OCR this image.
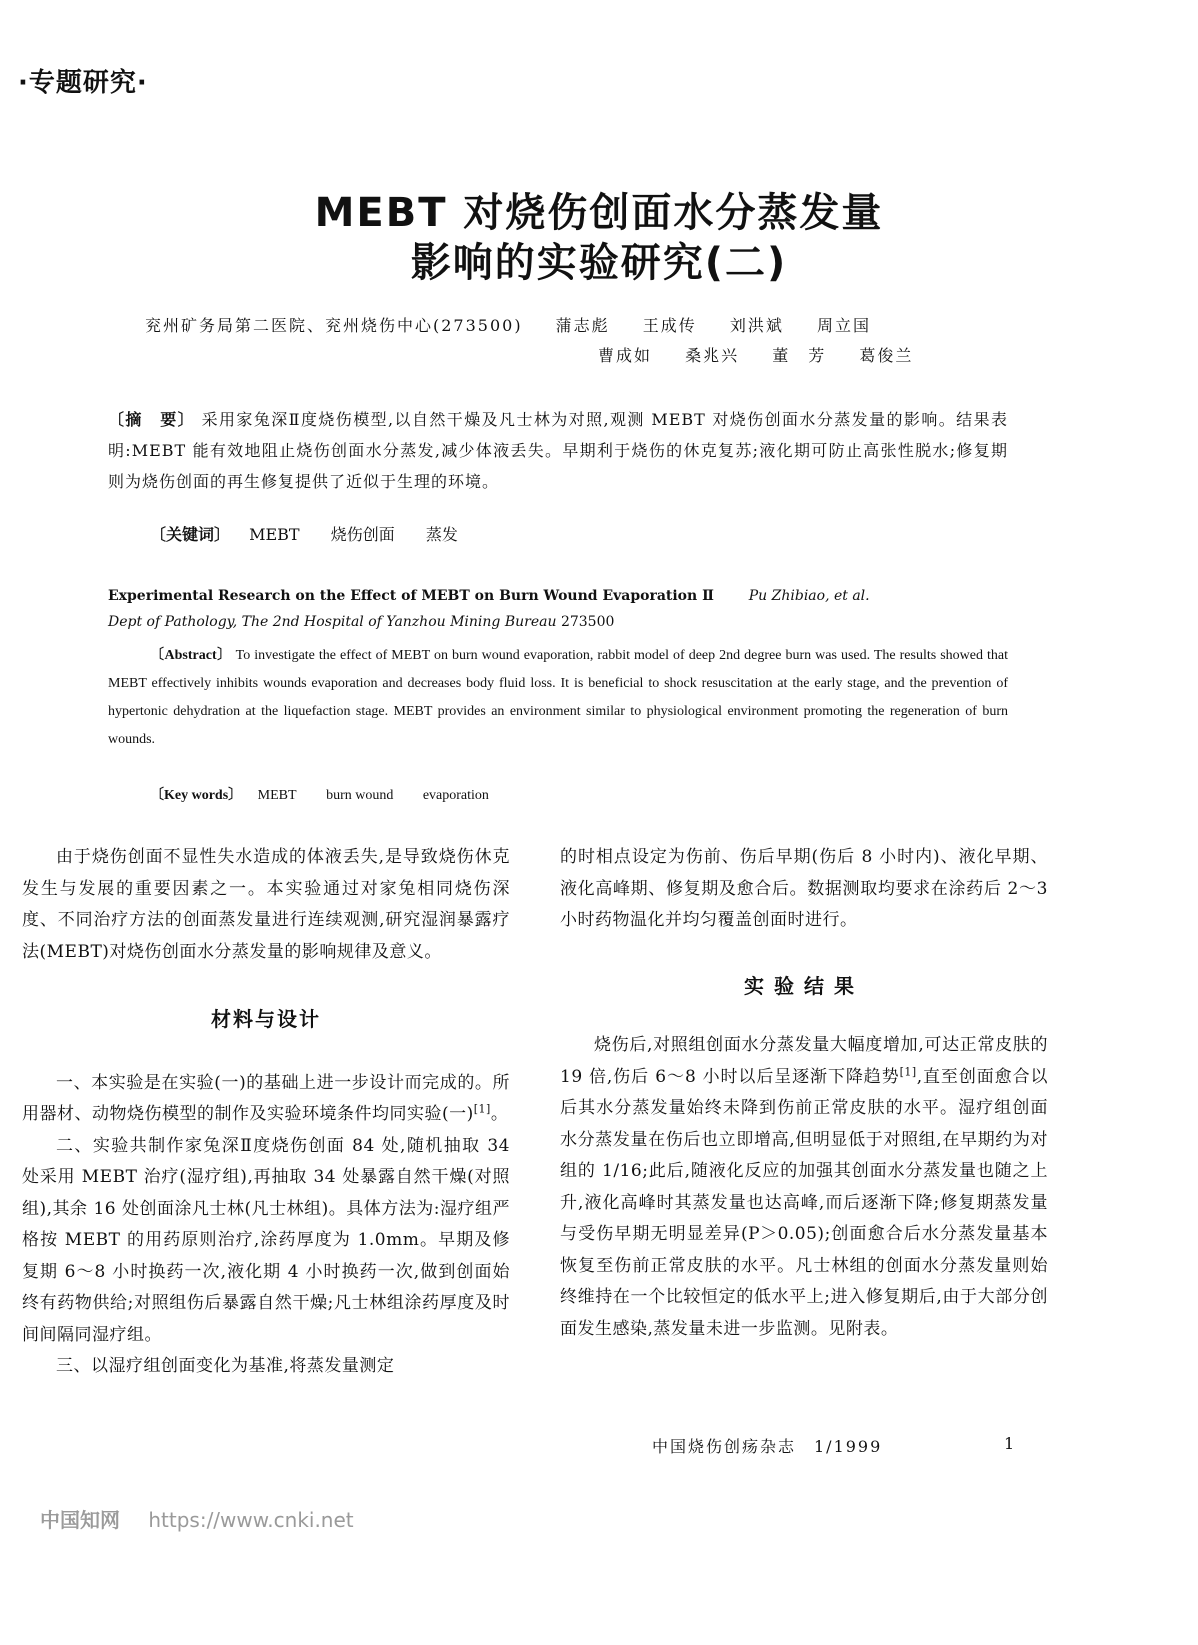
·专题研究·
MEBT 对烧伤创面水分蒸发量
影响的实验研究(二)
兖州矿务局第二医院、兖州烧伤中心(273500) 蒲志彪 王成传 刘洪斌 周立国
曹成如 桑兆兴 董　芳 葛俊兰
〔摘　要〕 采用家兔深Ⅱ度烧伤模型,以自然干燥及凡士林为对照,观测 MEBT 对烧伤创面水分蒸发量的影响。结果表明:MEBT 能有效地阻止烧伤创面水分蒸发,减少体液丢失。早期利于烧伤的休克复苏;液化期可防止高张性脱水;修复期则为烧伤创面的再生修复提供了近似于生理的环境。
〔关键词〕 MEBT 烧伤创面 蒸发
Experimental Research on the Effect of MEBT on Burn Wound Evaporation Ⅱ Pu Zhibiao, et al.
Dept of Pathology, The 2nd Hospital of Yanzhou Mining Bureau 273500
〔Abstract〕 To investigate the effect of MEBT on burn wound evaporation, rabbit model of deep 2nd degree burn was used. The results showed that MEBT effectively inhibits wounds evaporation and decreases body fluid loss. It is beneficial to shock resuscitation at the early stage, and the prevention of hypertonic dehydration at the liquefaction stage. MEBT provides an environment similar to physiological environment promoting the regeneration of burn wounds.
〔Key words〕 MEBT burn wound evaporation

由于烧伤创面不显性失水造成的体液丢失,是导致烧伤休克发生与发展的重要因素之一。本实验通过对家兔相同烧伤深度、不同治疗方法的创面蒸发量进行连续观测,研究湿润暴露疗法(MEBT)对烧伤创面水分蒸发量的影响规律及意义。

材料与设计

一、本实验是在实验(一)的基础上进一步设计而完成的。所用器材、动物烧伤模型的制作及实验环境条件均同实验(一)[1]。

二、实验共制作家兔深Ⅱ度烧伤创面 84 处,随机抽取 34 处采用 MEBT 治疗(湿疗组),再抽取 34 处暴露自然干燥(对照组),其余 16 处创面涂凡士林(凡士林组)。具体方法为:湿疗组严格按 MEBT 的用药原则治疗,涂药厚度为 1.0mm。早期及修复期 6～8 小时换药一次,液化期 4 小时换药一次,做到创面始终有药物供给;对照组伤后暴露自然干燥;凡士林组涂药厚度及时间间隔同湿疗组。

三、以湿疗组创面变化为基准,将蒸发量测定

的时相点设定为伤前、伤后早期(伤后 8 小时内)、液化早期、液化高峰期、修复期及愈合后。数据测取均要求在涂药后 2～3 小时药物温化并均匀覆盖创面时进行。

实验结果

烧伤后,对照组创面水分蒸发量大幅度增加,可达正常皮肤的 19 倍,伤后 6～8 小时以后呈逐渐下降趋势[1],直至创面愈合以后其水分蒸发量始终未降到伤前正常皮肤的水平。湿疗组创面水分蒸发量在伤后也立即增高,但明显低于对照组,在早期约为对组的 1/16;此后,随液化反应的加强其创面水分蒸发量也随之上升,液化高峰时其蒸发量也达高峰,而后逐渐下降;修复期蒸发量与受伤早期无明显差异(P＞0.05);创面愈合后水分蒸发量基本恢复至伤前正常皮肤的水平。凡士林组的创面水分蒸发量则始终维持在一个比较恒定的低水平上;进入修复期后,由于大部分创面发生感染,蒸发量未进一步监测。见附表。

中国烧伤创疡杂志　1/1999	1
中国知网 https://www.cnki.net
